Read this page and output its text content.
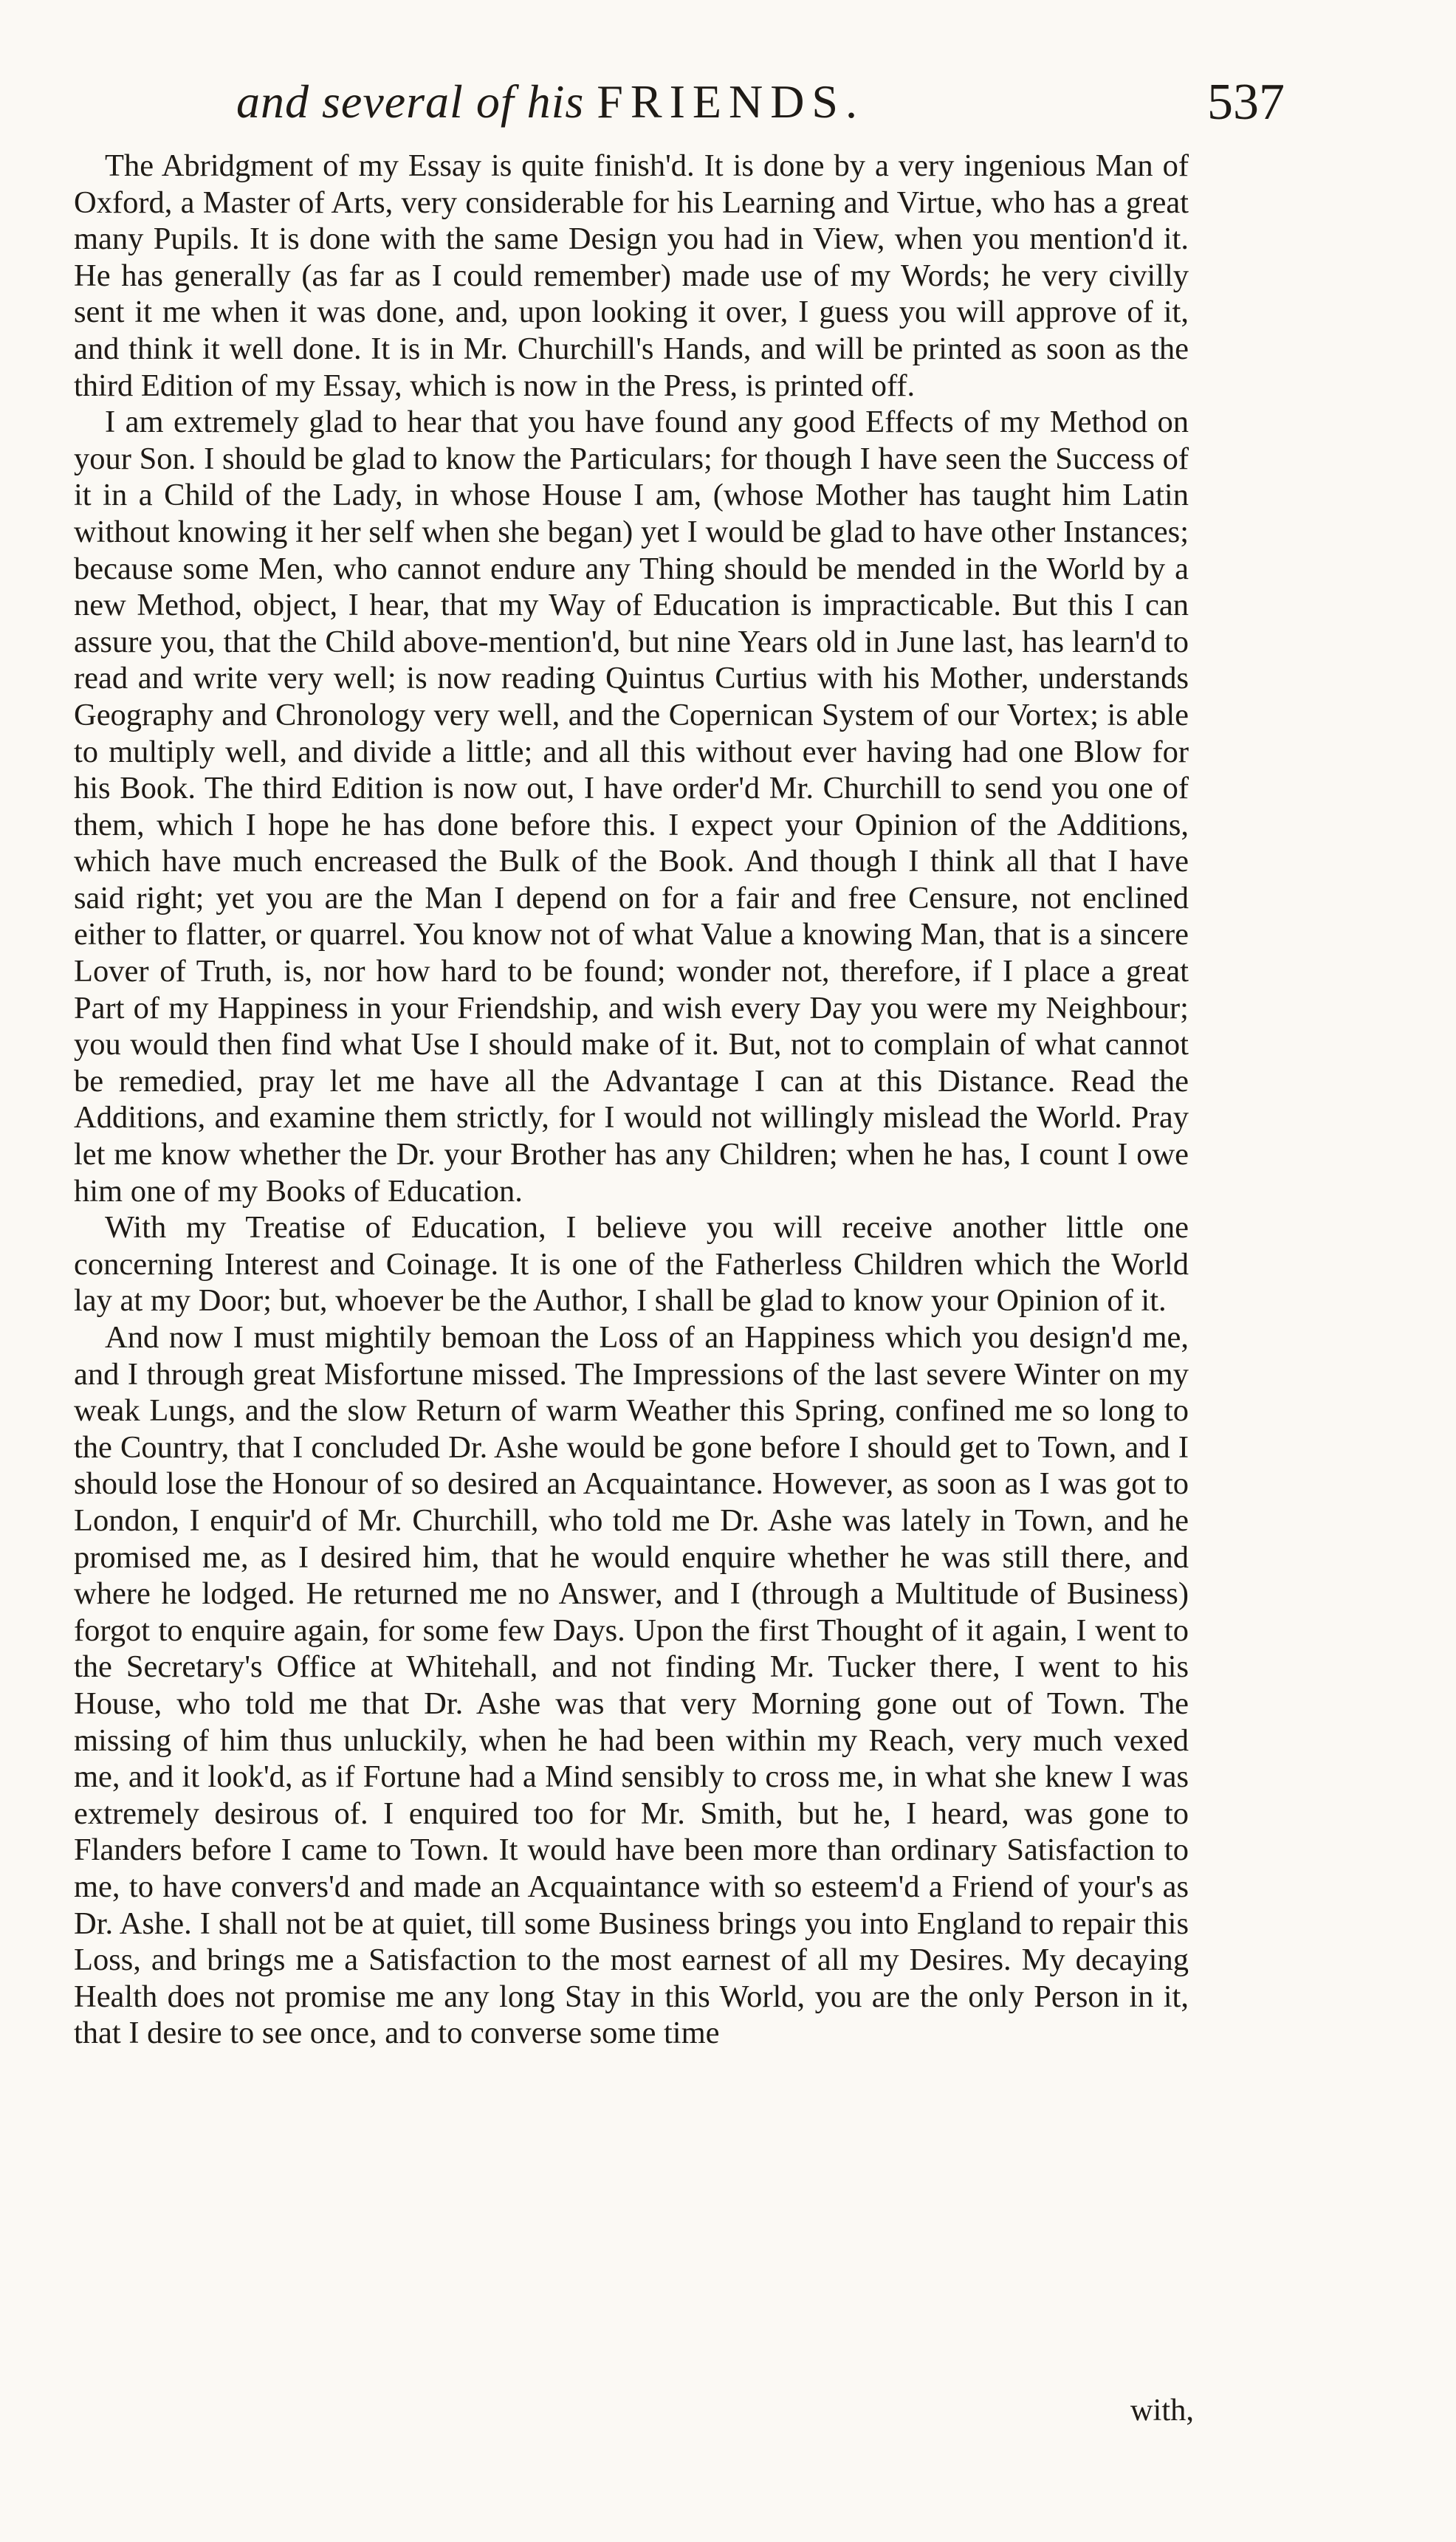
and several of his FRIENDS.	537

The Abridgment of my Essay is quite finish'd. It is done by a very ingenious Man of Oxford, a Master of Arts, very considerable for his Learning and Virtue, who has a great many Pupils. It is done with the same Design you had in View, when you mention'd it. He has generally (as far as I could remember) made use of my Words; he very civilly sent it me when it was done, and, upon looking it over, I guess you will approve of it, and think it well done. It is in Mr. Churchill's Hands, and will be printed as soon as the third Edition of my Essay, which is now in the Press, is printed off.

I am extremely glad to hear that you have found any good Effects of my Method on your Son. I should be glad to know the Particulars; for though I have seen the Success of it in a Child of the Lady, in whose House I am, (whose Mother has taught him Latin without knowing it her self when she began) yet I would be glad to have other Instances; because some Men, who cannot endure any Thing should be mended in the World by a new Method, object, I hear, that my Way of Education is impracticable. But this I can assure you, that the Child above-mention'd, but nine Years old in June last, has learn'd to read and write very well; is now reading Quintus Curtius with his Mother, understands Geography and Chronology very well, and the Copernican System of our Vortex; is able to multiply well, and divide a little; and all this without ever having had one Blow for his Book. The third Edition is now out, I have order'd Mr. Churchill to send you one of them, which I hope he has done before this. I expect your Opinion of the Additions, which have much encreased the Bulk of the Book. And though I think all that I have said right; yet you are the Man I depend on for a fair and free Censure, not enclined either to flatter, or quarrel. You know not of what Value a knowing Man, that is a sincere Lover of Truth, is, nor how hard to be found; wonder not, therefore, if I place a great Part of my Happiness in your Friendship, and wish every Day you were my Neighbour; you would then find what Use I should make of it. But, not to complain of what cannot be remedied, pray let me have all the Advantage I can at this Distance. Read the Additions, and examine them strictly, for I would not willingly mislead the World. Pray let me know whether the Dr. your Brother has any Children; when he has, I count I owe him one of my Books of Education.

With my Treatise of Education, I believe you will receive another little one concerning Interest and Coinage. It is one of the Fatherless Children which the World lay at my Door; but, whoever be the Author, I shall be glad to know your Opinion of it.

And now I must mightily bemoan the Loss of an Happiness which you design'd me, and I through great Misfortune missed. The Impressions of the last severe Winter on my weak Lungs, and the slow Return of warm Weather this Spring, confined me so long to the Country, that I concluded Dr. Ashe would be gone before I should get to Town, and I should lose the Honour of so desired an Acquaintance. However, as soon as I was got to London, I enquir'd of Mr. Churchill, who told me Dr. Ashe was lately in Town, and he promised me, as I desired him, that he would enquire whether he was still there, and where he lodged. He returned me no Answer, and I (through a Multitude of Business) forgot to enquire again, for some few Days. Upon the first Thought of it again, I went to the Secretary's Office at Whitehall, and not finding Mr. Tucker there, I went to his House, who told me that Dr. Ashe was that very Morning gone out of Town. The missing of him thus unluckily, when he had been within my Reach, very much vexed me, and it look'd, as if Fortune had a Mind sensibly to cross me, in what she knew I was extremely desirous of. I enquired too for Mr. Smith, but he, I heard, was gone to Flanders before I came to Town. It would have been more than ordinary Satisfaction to me, to have convers'd and made an Acquaintance with so esteem'd a Friend of your's as Dr. Ashe. I shall not be at quiet, till some Business brings you into England to repair this Loss, and brings me a Satisfaction to the most earnest of all my Desires. My decaying Health does not promise me any long Stay in this World, you are the only Person in it, that I desire to see once, and to converse some time

with,
